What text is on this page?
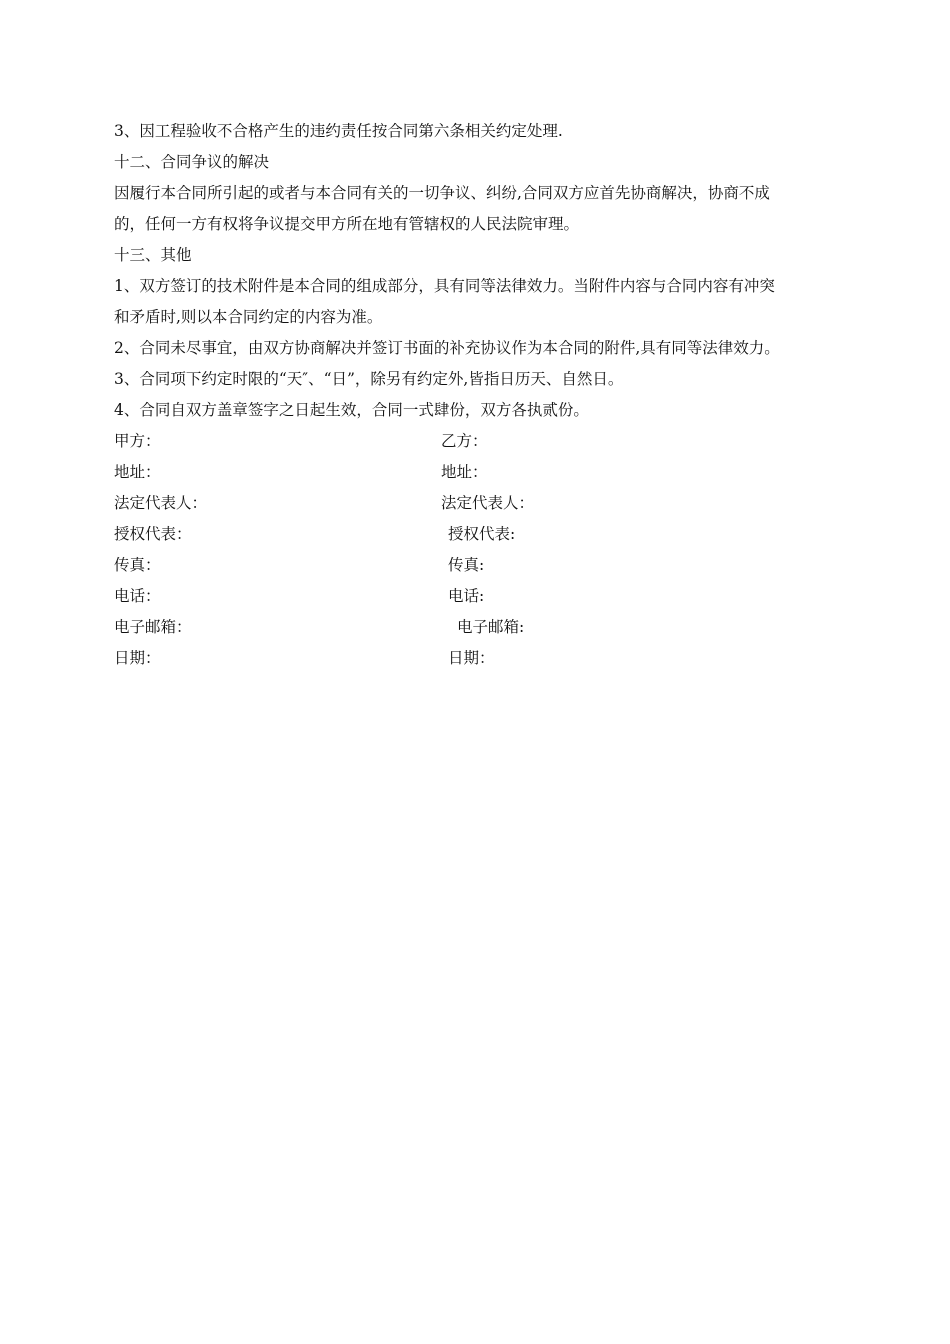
3、因工程验收不合格产生的违约责任按合同第六条相关约定处理.
十二、合同争议的解决
因履行本合同所引起的或者与本合同有关的一切争议、纠纷,合同双方应首先协商解决，协商不成
的，任何一方有权将争议提交甲方所在地有管辖权的人民法院审理。
十三、其他
1、双方签订的技术附件是本合同的组成部分，具有同等法律效力。当附件内容与合同内容有冲突
和矛盾时,则以本合同约定的内容为准。
2、合同未尽事宜，由双方协商解决并签订书面的补充协议作为本合同的附件,具有同等法律效力。
3、合同项下约定时限的“天″、“日”，除另有约定外,皆指日历天、自然日。
4、合同自双方盖章签字之日起生效，合同一式肆份，双方各执贰份。
甲方：
地址：
法定代表人：
授权代表：
传真：
电话：
电子邮箱：
日期：
乙方：
地址：
法定代表人：
授权代表:
传真:
电话:
电子邮箱:
日期：
